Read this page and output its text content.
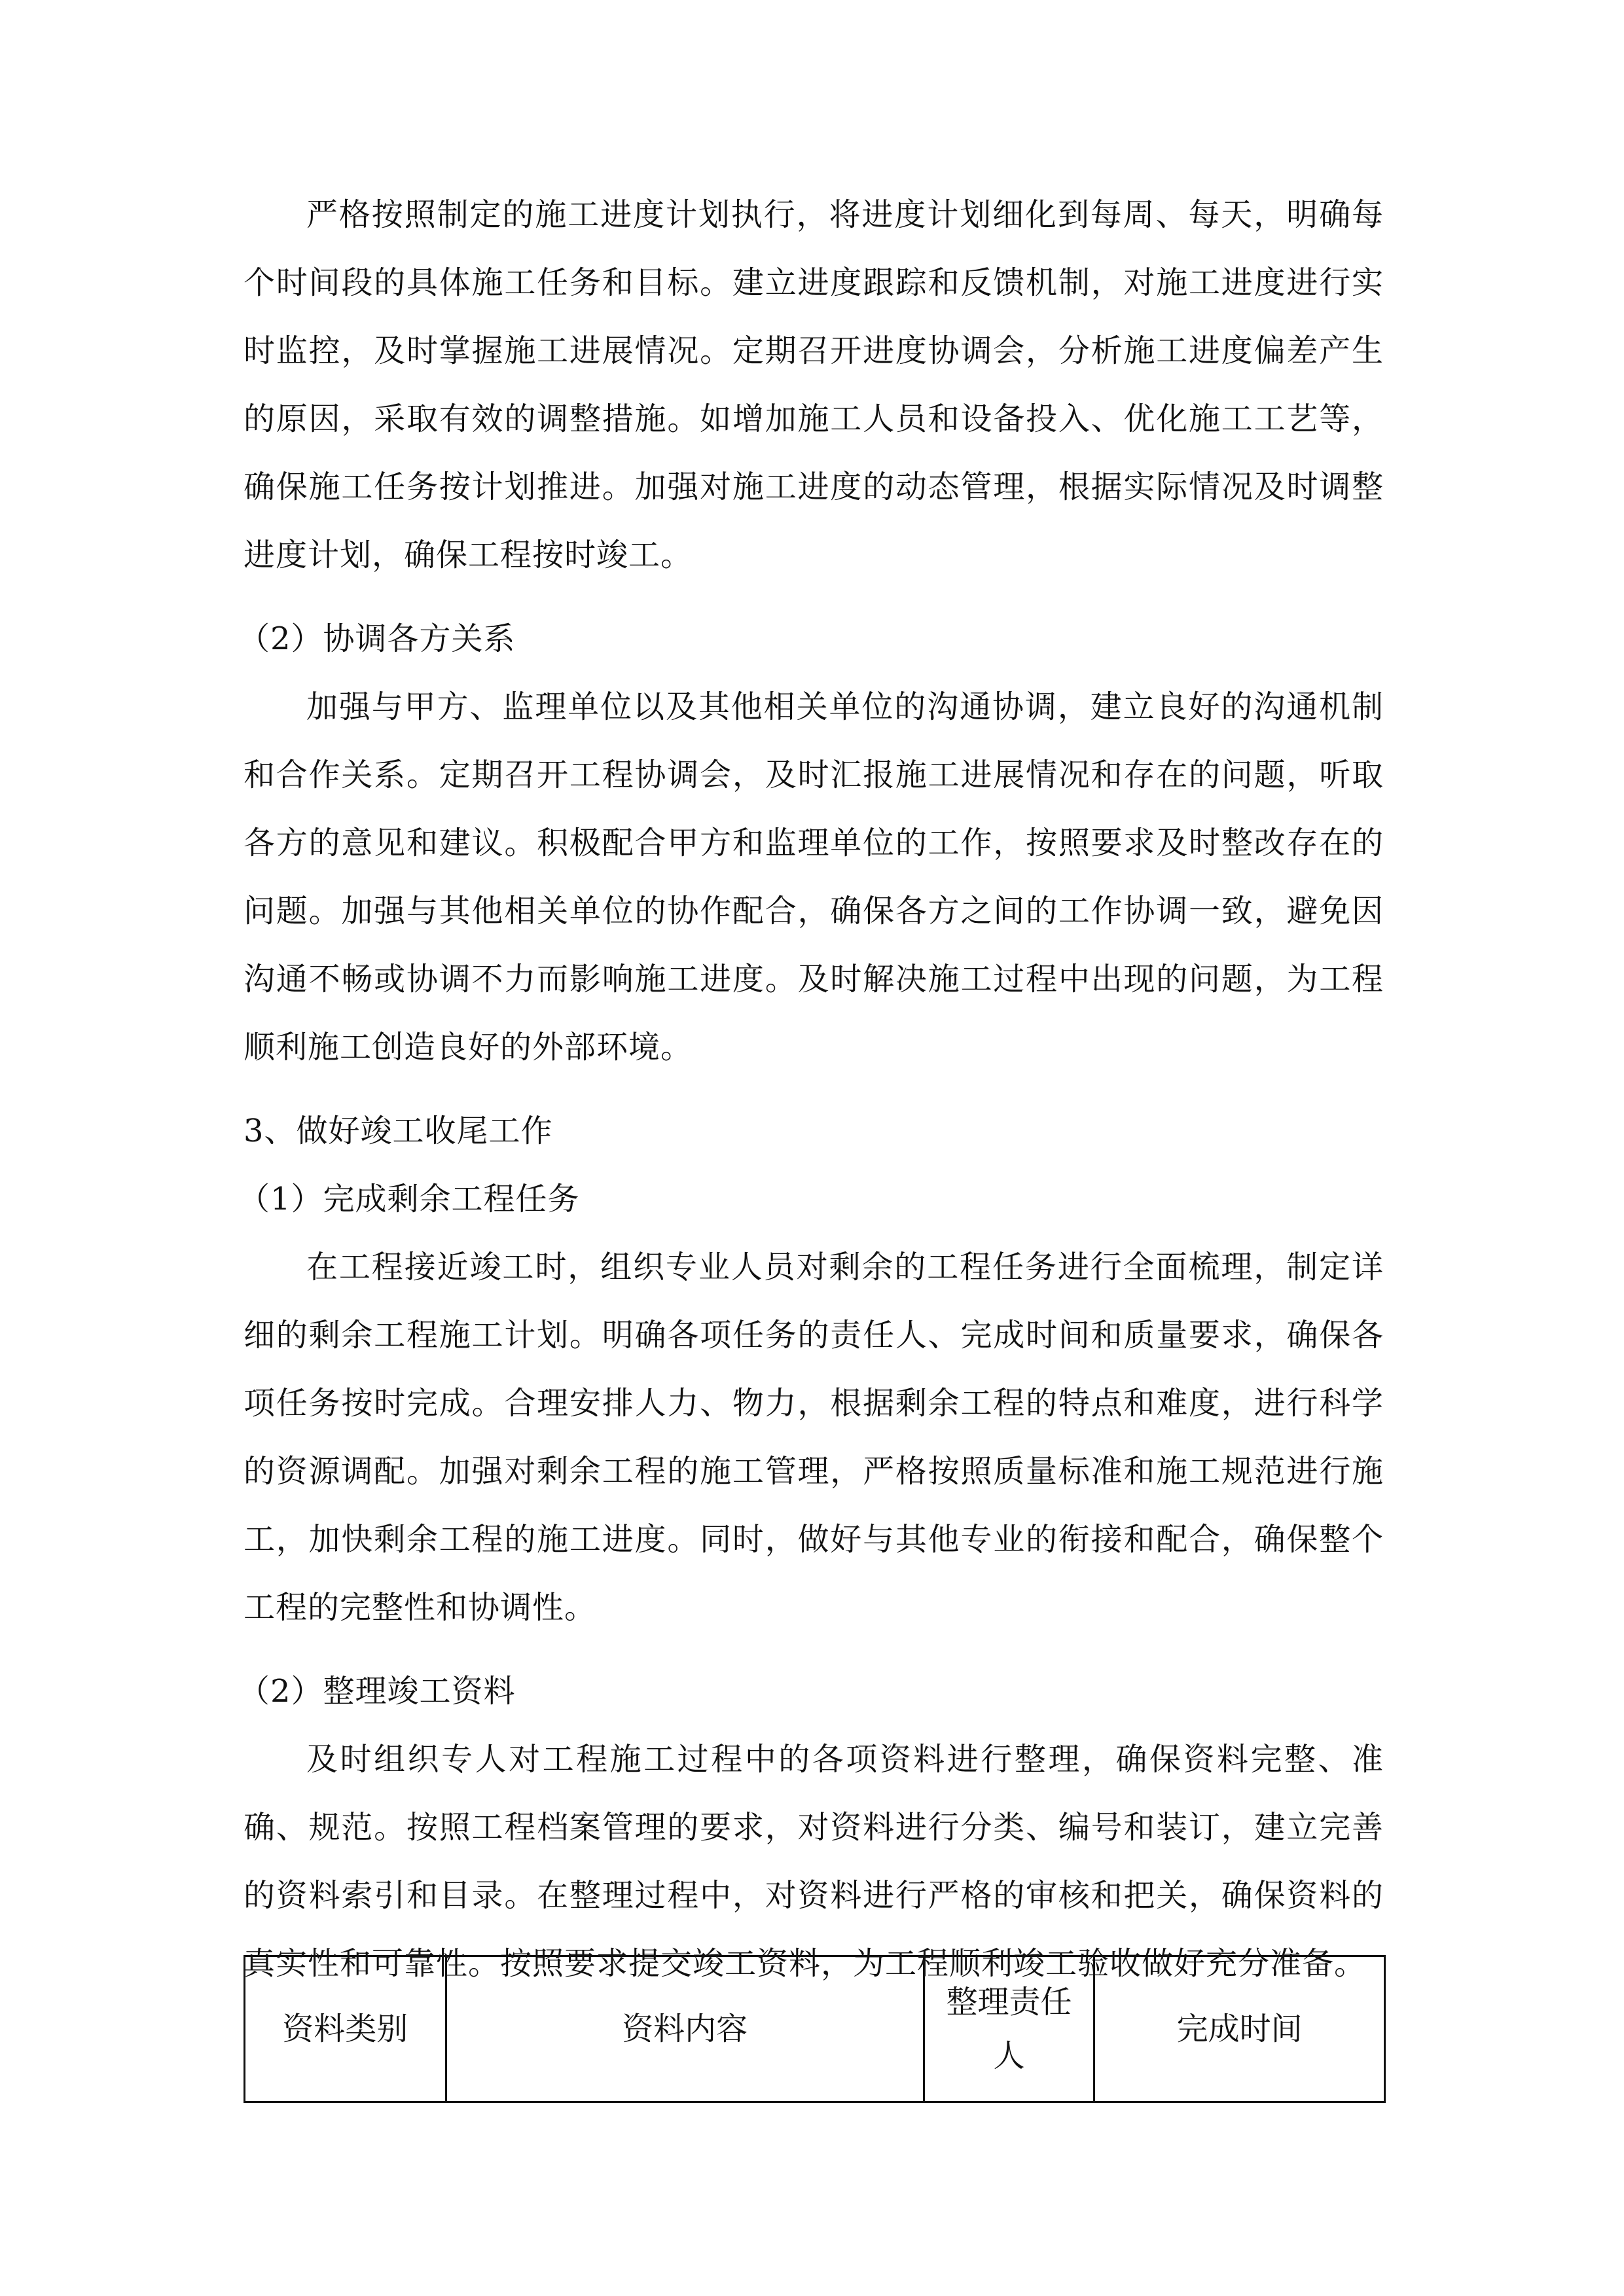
严格按照制定的施工进度计划执行，将进度计划细化到每周、每天，明确每个时间段的具体施工任务和目标。建立进度跟踪和反馈机制，对施工进度进行实时监控，及时掌握施工进展情况。定期召开进度协调会，分析施工进度偏差产生的原因，采取有效的调整措施。如增加施工人员和设备投入、优化施工工艺等，确保施工任务按计划推进。加强对施工进度的动态管理，根据实际情况及时调整进度计划，确保工程按时竣工。

（2）协调各方关系

加强与甲方、监理单位以及其他相关单位的沟通协调，建立良好的沟通机制和合作关系。定期召开工程协调会，及时汇报施工进展情况和存在的问题，听取各方的意见和建议。积极配合甲方和监理单位的工作，按照要求及时整改存在的问题。加强与其他相关单位的协作配合，确保各方之间的工作协调一致，避免因沟通不畅或协调不力而影响施工进度。及时解决施工过程中出现的问题，为工程顺利施工创造良好的外部环境。

3、做好竣工收尾工作

（1）完成剩余工程任务

在工程接近竣工时，组织专业人员对剩余的工程任务进行全面梳理，制定详细的剩余工程施工计划。明确各项任务的责任人、完成时间和质量要求，确保各项任务按时完成。合理安排人力、物力，根据剩余工程的特点和难度，进行科学的资源调配。加强对剩余工程的施工管理，严格按照质量标准和施工规范进行施工，加快剩余工程的施工进度。同时，做好与其他专业的衔接和配合，确保整个工程的完整性和协调性。

（2）整理竣工资料

及时组织专人对工程施工过程中的各项资料进行整理，确保资料完整、准确、规范。按照工程档案管理的要求，对资料进行分类、编号和装订，建立完善的资料索引和目录。在整理过程中，对资料进行严格的审核和把关，确保资料的真实性和可靠性。按照要求提交竣工资料，为工程顺利竣工验收做好充分准备。

资料类别	资料内容	整理责任人	完成时间
